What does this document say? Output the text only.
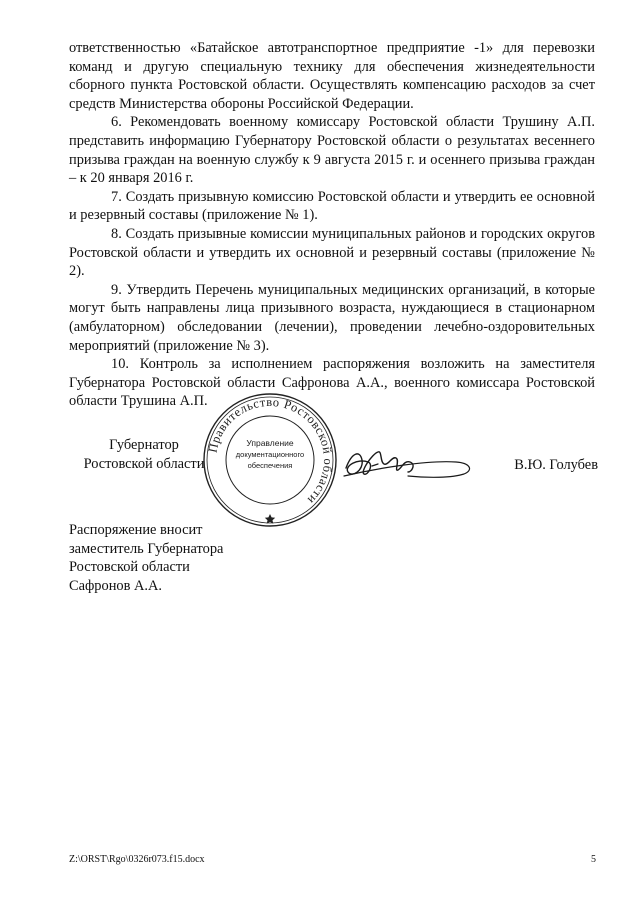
ответственностью «Батайское автотранспортное предприятие -1» для перевозки команд и другую специальную технику для обеспечения жизнедеятельности сборного пункта Ростовской области. Осуществлять компенсацию расходов за счет средств Министерства обороны Российской Федерации.

6. Рекомендовать военному комиссару Ростовской области Трушину А.П. представить информацию Губернатору Ростовской области о результатах весеннего призыва граждан на военную службу к 9 августа 2015 г. и осеннего призыва граждан – к 20 января 2016 г.

7. Создать призывную комиссию Ростовской области и утвердить ее основной и резервный составы (приложение № 1).

8. Создать призывные комиссии муниципальных районов и городских округов Ростовской области и утвердить их основной и резервный составы (приложение № 2).

9. Утвердить Перечень муниципальных медицинских организаций, в которые могут быть направлены лица призывного возраста, нуждающиеся в стационарном (амбулаторном) обследовании (лечении), проведении лечебно-оздоровительных мероприятий (приложение № 3).

10. Контроль за исполнением распоряжения возложить на заместителя Губернатора Ростовской области Сафронова А.А., военного комиссара Ростовской области Трушина А.П.

Губернатор
Ростовской области
Правительство Ростовской области
Управление
документационного
обеспечения	В.Ю. Голубев
Распоряжение вносит
заместитель Губернатора
Ростовской области
Сафронов А.А.
Z:\ORST\Rgo\0326r073.f15.docx	5
